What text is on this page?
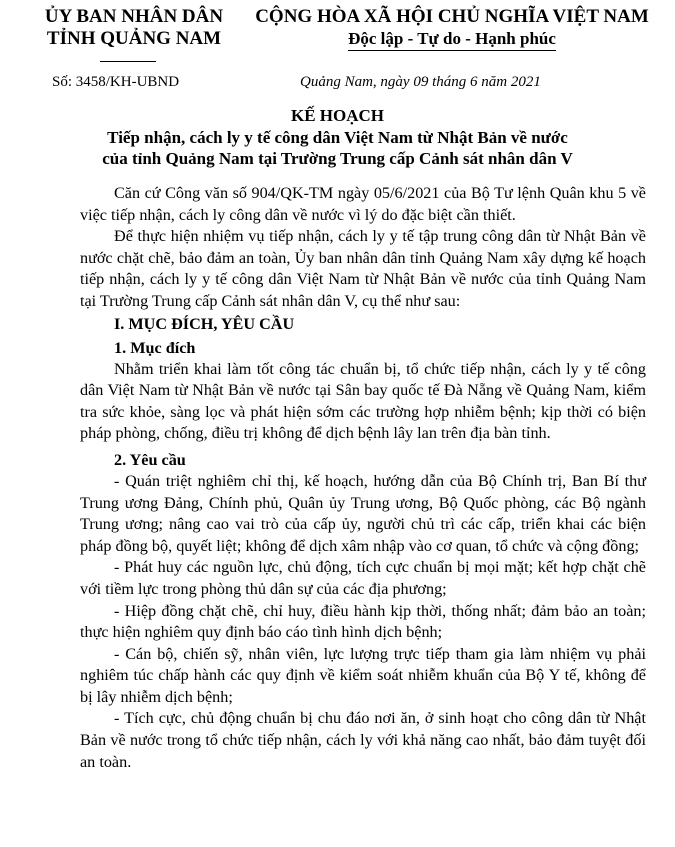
ỦY BAN NHÂN DÂN
TỈNH QUẢNG NAM
CỘNG HÒA XÃ HỘI CHỦ NGHĨA VIỆT NAM
Độc lập - Tự do - Hạnh phúc
Số: 3458/KH-UBND	Quảng Nam, ngày 09 tháng 6 năm 2021
KẾ HOẠCH
Tiếp nhận, cách ly y tế công dân Việt Nam từ Nhật Bản về nước
của tỉnh Quảng Nam tại Trường Trung cấp Cảnh sát nhân dân V

Căn cứ Công văn số 904/QK-TM ngày 05/6/2021 của Bộ Tư lệnh Quân khu 5 về việc tiếp nhận, cách ly công dân về nước vì lý do đặc biệt cần thiết.

Để thực hiện nhiệm vụ tiếp nhận, cách ly y tế tập trung công dân từ Nhật Bản về nước chặt chẽ, bảo đảm an toàn, Ủy ban nhân dân tỉnh Quảng Nam xây dựng kế hoạch tiếp nhận, cách ly y tế công dân Việt Nam từ Nhật Bản về nước của tỉnh Quảng Nam tại Trường Trung cấp Cảnh sát nhân dân V, cụ thể như sau:

I. MỤC ĐÍCH, YÊU CẦU

1. Mục đích

Nhằm triển khai làm tốt công tác chuẩn bị, tổ chức tiếp nhận, cách ly y tế công dân Việt Nam từ Nhật Bản về nước tại Sân bay quốc tế Đà Nẵng về Quảng Nam, kiểm tra sức khỏe, sàng lọc và phát hiện sớm các trường hợp nhiễm bệnh; kịp thời có biện pháp phòng, chống, điều trị không để dịch bệnh lây lan trên địa bàn tỉnh.

2. Yêu cầu

- Quán triệt nghiêm chỉ thị, kế hoạch, hướng dẫn của Bộ Chính trị, Ban Bí thư Trung ương Đảng, Chính phủ, Quân ủy Trung ương, Bộ Quốc phòng, các Bộ ngành Trung ương; nâng cao vai trò của cấp ủy, người chủ trì các cấp, triển khai các biện pháp đồng bộ, quyết liệt; không để dịch xâm nhập vào cơ quan, tổ chức và cộng đồng;

- Phát huy các nguồn lực, chủ động, tích cực chuẩn bị mọi mặt; kết hợp chặt chẽ với tiềm lực trong phòng thủ dân sự của các địa phương;

- Hiệp đồng chặt chẽ, chỉ huy, điều hành kịp thời, thống nhất; đảm bảo an toàn; thực hiện nghiêm quy định báo cáo tình hình dịch bệnh;

- Cán bộ, chiến sỹ, nhân viên, lực lượng trực tiếp tham gia làm nhiệm vụ phải nghiêm túc chấp hành các quy định về kiểm soát nhiễm khuẩn của Bộ Y tế, không để bị lây nhiễm dịch bệnh;

- Tích cực, chủ động chuẩn bị chu đáo nơi ăn, ở sinh hoạt cho công dân từ Nhật Bản về nước trong tổ chức tiếp nhận, cách ly với khả năng cao nhất, bảo đảm tuyệt đối an toàn.
